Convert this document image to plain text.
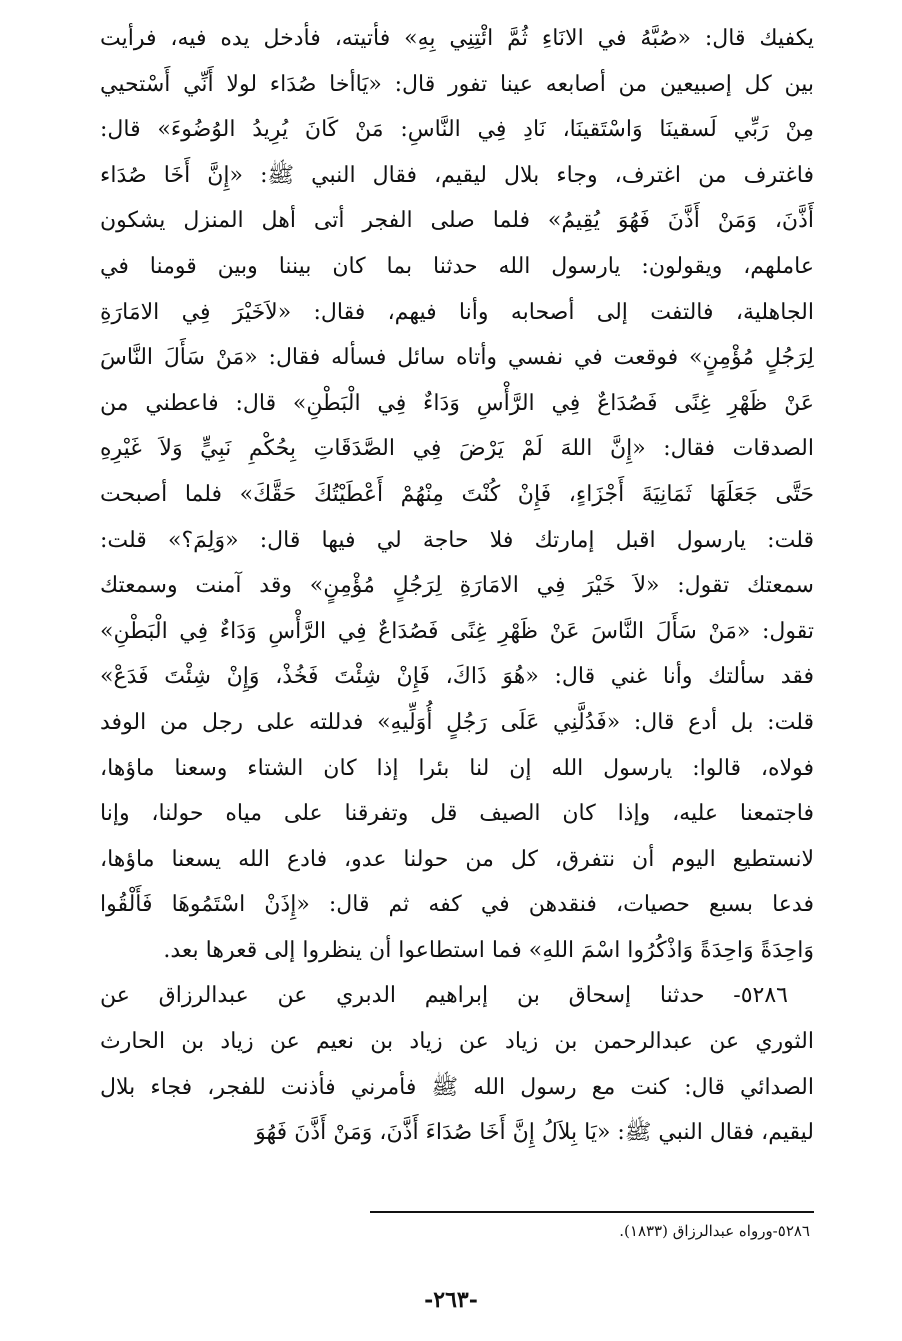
يكفيك قال: «صُبَّهُ في الانَاءِ ثُمَّ ائْتِنِي بِهِ» فأتيته، فأدخل يده فيه، فرأيت
بين كل إصبيعين من أصابعه عينا تفور قال: «يَاأخا صُدَاء لولا أَنِّي أَسْتحيي
مِنْ رَبِّي لَسقينَا وَاسْتَقينَا، نَادِ فِي النَّاسِ: مَنْ كَانَ يُرِيدُ الوُضُوءَ» قال:
فاغترف من اغترف، وجاء بلال ليقيم، فقال النبي ﷺ: «إِنَّ أَخَا صُدَاء
أَذَّنَ، وَمَنْ أَذَّنَ فَهُوَ يُقِيمُ» فلما صلى الفجر أتى أهل المنزل يشكون
عاملهم، ويقولون: يارسول الله حدثنا بما كان بيننا وبين قومنا في
الجاهلية، فالتفت إلى أصحابه وأنا فيهم، فقال: «لاَخَيْرَ فِي الامَارَةِ
لِرَجُلٍ مُؤْمِنٍ» فوقعت في نفسي وأتاه سائل فسأله فقال: «مَنْ سَأَلَ النَّاسَ
عَنْ ظَهْرِ غِنًى فَصُدَاعٌ فِي الرَّأْسِ وَدَاءٌ فِي الْبَطْنِ» قال: فاعطني من
الصدقات فقال: «إِنَّ اللهَ لَمْ يَرْضَ فِي الصَّدَقَاتِ بِحُكْمِ نَبِيٍّ وَلاَ غَيْرِهِ
حَتَّى جَعَلَهَا ثَمَانِيَةَ أَجْزَاءٍ، فَإِنْ كُنْتَ مِنْهُمْ أَعْطَيْتُكَ حَقَّكَ» فلما أصبحت
قلت: يارسول اقبل إمارتك فلا حاجة لي فيها قال: «وَلِمَ؟» قلت:
سمعتك تقول: «لاَ خَيْرَ فِي الامَارَةِ لِرَجُلٍ مُؤْمِنٍ» وقد آمنت وسمعتك
تقول: «مَنْ سَأَلَ النَّاسَ عَنْ ظَهْرِ غِنًى فَصُدَاعٌ فِي الرَّأْسِ وَدَاءٌ فِي الْبَطْنِ»
فقد سألتك وأنا غني قال: «هُوَ ذَاكَ، فَإِنْ شِئْتَ فَخُذْ، وَإِنْ شِئْتَ فَدَعْ»
قلت: بل أدع قال: «فَدُلَّنِي عَلَى رَجُلٍ أُوَلِّيهِ» فدللته على رجل من الوفد
فولاه، قالوا: يارسول الله إن لنا بئرا إذا كان الشتاء وسعنا ماؤها،
فاجتمعنا عليه، وإذا كان الصيف قل وتفرقنا على مياه حولنا، وإنا
لانستطيع اليوم أن نتفرق، كل من حولنا عدو، فادع الله يسعنا ماؤها،
فدعا بسبع حصيات، فنقدهن في كفه ثم قال: «إِذَنْ اسْتَمُوهَا فَأَلْقُوا
وَاحِدَةً وَاحِدَةً وَاذْكُرُوا اسْمَ اللهِ» فما استطاعوا أن ينظروا إلى قعرها بعد.
٥٢٨٦- حدثنا إسحاق بن إبراهيم الدبري عن عبدالرزاق عن
الثوري عن عبدالرحمن بن زياد عن زياد بن نعيم عن زياد بن الحارث
الصدائي قال: كنت مع رسول الله ﷺ فأمرني فأذنت للفجر، فجاء بلال
ليقيم، فقال النبي ﷺ: «يَا بِلاَلُ إِنَّ أَخَا صُدَاءَ أَذَّنَ، وَمَنْ أَذَّنَ فَهُوَ
٥٢٨٦-ورواه عبدالرزاق (١٨٣٣).
-٢٦٣-
